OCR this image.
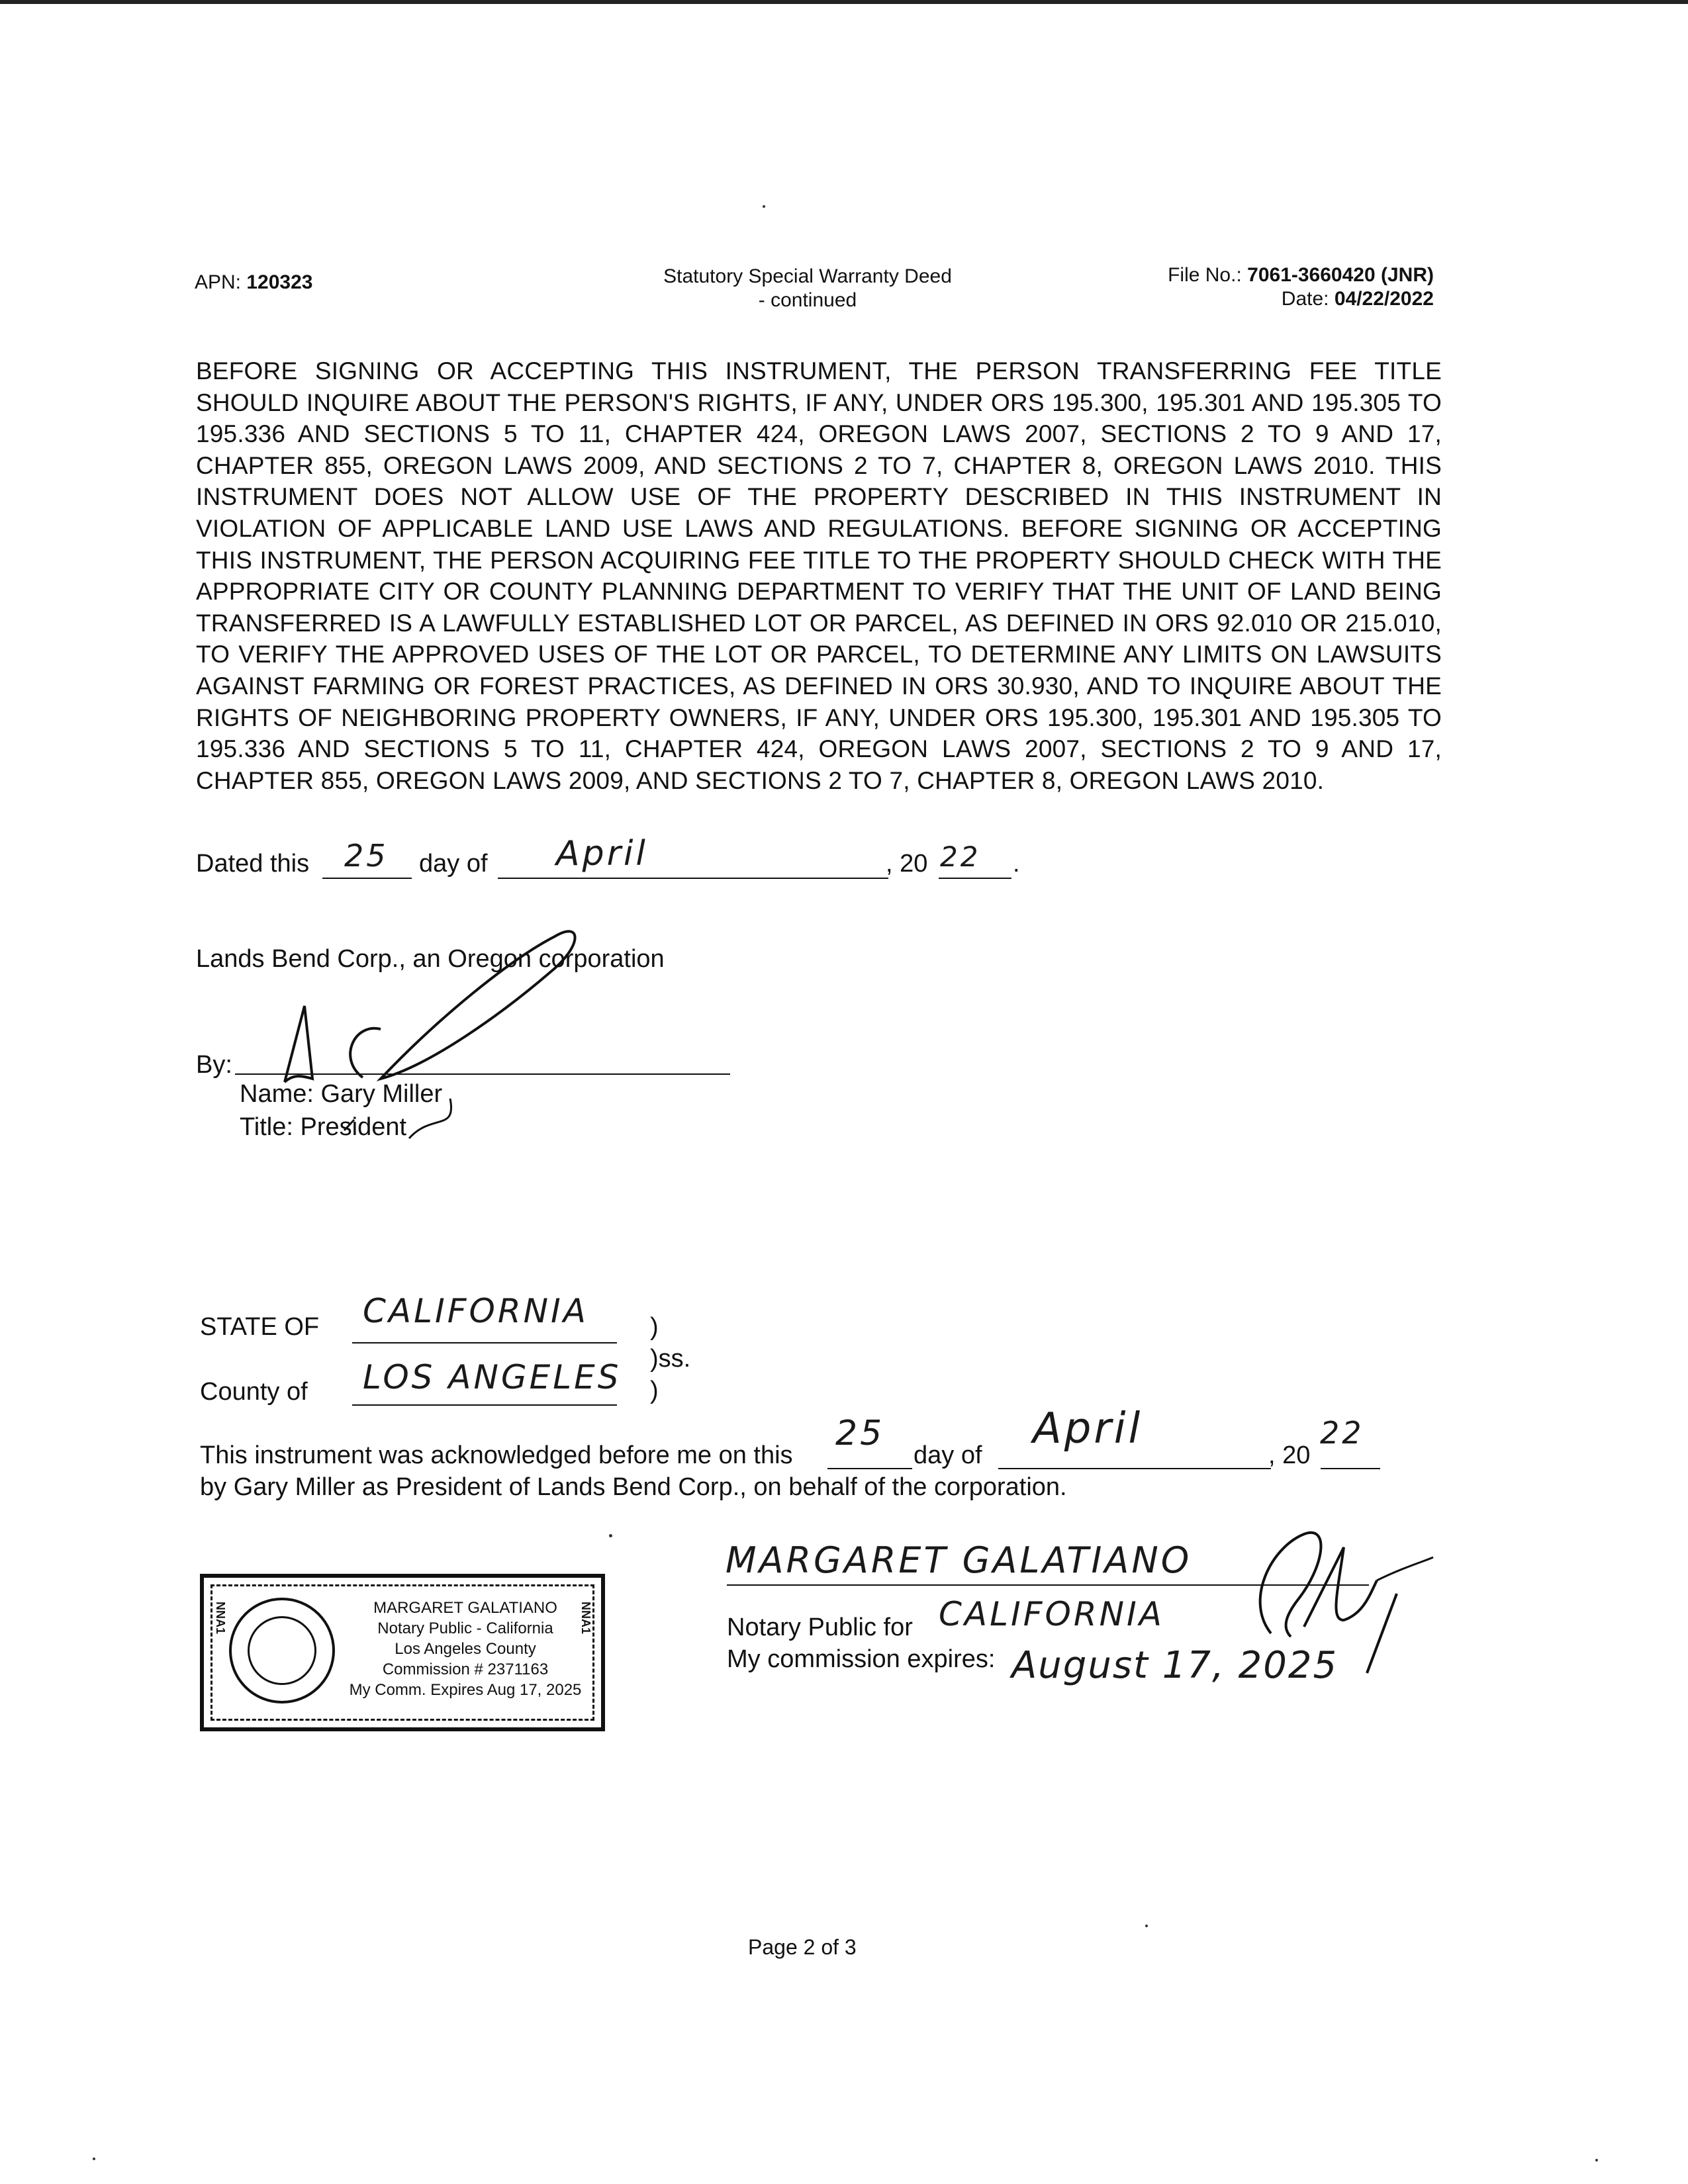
APN: 120323	Statutory Special Warranty Deed
- continued
File No.: 7061-3660420 (JNR)
Date: 04/22/2022
BEFORE SIGNING OR ACCEPTING THIS INSTRUMENT, THE PERSON TRANSFERRING FEE TITLE SHOULD INQUIRE ABOUT THE PERSON'S RIGHTS, IF ANY, UNDER ORS 195.300, 195.301 AND 195.305 TO 195.336 AND SECTIONS 5 TO 11, CHAPTER 424, OREGON LAWS 2007, SECTIONS 2 TO 9 AND 17, CHAPTER 855, OREGON LAWS 2009, AND SECTIONS 2 TO 7, CHAPTER 8, OREGON LAWS 2010. THIS INSTRUMENT DOES NOT ALLOW USE OF THE PROPERTY DESCRIBED IN THIS INSTRUMENT IN VIOLATION OF APPLICABLE LAND USE LAWS AND REGULATIONS. BEFORE SIGNING OR ACCEPTING THIS INSTRUMENT, THE PERSON ACQUIRING FEE TITLE TO THE PROPERTY SHOULD CHECK WITH THE APPROPRIATE CITY OR COUNTY PLANNING DEPARTMENT TO VERIFY THAT THE UNIT OF LAND BEING TRANSFERRED IS A LAWFULLY ESTABLISHED LOT OR PARCEL, AS DEFINED IN ORS 92.010 OR 215.010, TO VERIFY THE APPROVED USES OF THE LOT OR PARCEL, TO DETERMINE ANY LIMITS ON LAWSUITS AGAINST FARMING OR FOREST PRACTICES, AS DEFINED IN ORS 30.930, AND TO INQUIRE ABOUT THE RIGHTS OF NEIGHBORING PROPERTY OWNERS, IF ANY, UNDER ORS 195.300, 195.301 AND 195.305 TO 195.336 AND SECTIONS 5 TO 11, CHAPTER 424, OREGON LAWS 2007, SECTIONS 2 TO 9 AND 17, CHAPTER 855, OREGON LAWS 2009, AND SECTIONS 2 TO 7, CHAPTER 8, OREGON LAWS 2010.
Dated this 25 day of April	, 20 22 .
Lands Bend Corp., an Oregon corporation
By:
Name: Gary Miller
Title: President
STATE OF CALIFORNIA
County of LOS ANGELES
)
)ss.
)
This instrument was acknowledged before me on this
25
day of
April
, 20
22
by Gary Miller as President of Lands Bend Corp., on behalf of the corporation.
NNA1	NNA1
MARGARET GALATIANO
Notary Public - California
Los Angeles County
Commission # 2371163
My Comm. Expires Aug 17, 2025
MARGARET GALATIANO
Notary Public for CALIFORNIA
My commission expires: August 17, 2025
Page 2 of 3
